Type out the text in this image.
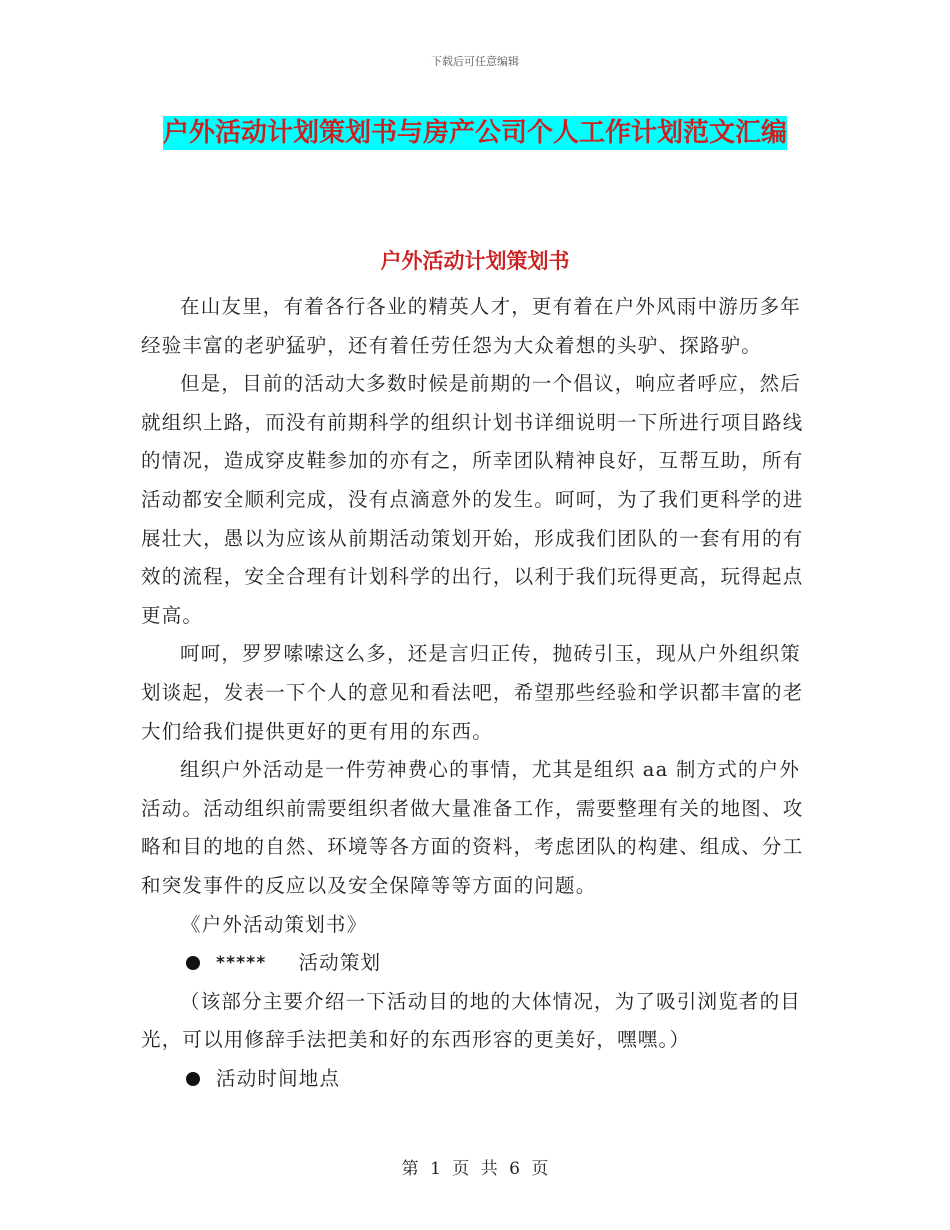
下载后可任意编辑
户外活动计划策划书与房产公司个人工作计划范文汇编
户外活动计划策划书

在山友里，有着各行各业的精英人才，更有着在户外风雨中游历多年经验丰富的老驴猛驴，还有着任劳任怨为大众着想的头驴、探路驴。

但是，目前的活动大多数时候是前期的一个倡议，响应者呼应，然后就组织上路，而没有前期科学的组织计划书详细说明一下所进行项目路线的情况，造成穿皮鞋参加的亦有之，所幸团队精神良好，互帮互助，所有活动都安全顺利完成，没有点滴意外的发生。呵呵，为了我们更科学的进展壮大，愚以为应该从前期活动策划开始，形成我们团队的一套有用的有效的流程，安全合理有计划科学的出行，以利于我们玩得更高，玩得起点更高。

呵呵，罗罗嗦嗦这么多，还是言归正传，抛砖引玉，现从户外组织策划谈起，发表一下个人的意见和看法吧，希望那些经验和学识都丰富的老大们给我们提供更好的更有用的东西。

组织户外活动是一件劳神费心的事情，尤其是组织 aa 制方式的户外活动。活动组织前需要组织者做大量准备工作，需要整理有关的地图、攻略和目的地的自然、环境等各方面的资料，考虑团队的构建、组成、分工和突发事件的反应以及安全保障等等方面的问题。

《户外活动策划书》
***** 活动策划

（该部分主要介绍一下活动目的地的大体情况，为了吸引浏览者的目光，可以用修辞手法把美和好的东西形容的更美好，嘿嘿。）

活动时间地点
第 1 页 共 6 页
